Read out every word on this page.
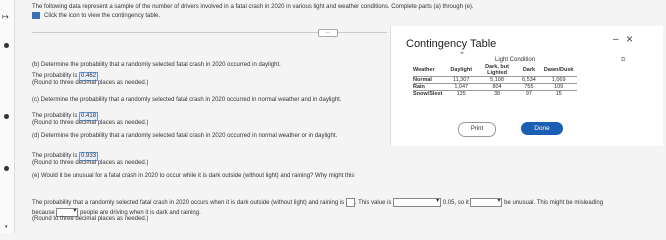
↦
▾
The following data represent a sample of the number of drivers involved in a fatal crash in 2020 in various light and weather conditions. Complete parts (a) through (e).
Click the icon to view the contingency table.
···
(b) Determine the probability that a randomly selected fatal crash in 2020 occurred in daylight.
The probability is 0.462
(Round to three decimal places as needed.)
(c) Determine the probability that a randomly selected fatal crash in 2020 occurred in normal weather and in daylight.
The probability is 0.418
(Round to three decimal places as needed.)
(d) Determine the probability that a randomly selected fatal crash in 2020 occurred in normal weather or in daylight.
The probability is 0.933
(Round to three decimal places as needed.)
(e) Would it be unusual for a fatal crash in 2020 to occur while it is dark outside (without light) and raining? Why might this
The probability that a randomly selected fatal crash in 2020 occurs when it is dark outside (without light) and raining is . This value is ▾	0.05, so it ▾	be unusual. This might be misleading
because ▾	people are driving when it is dark and raining.
(Round to three decimal places as needed.)
Contingency Table	– ×
⌖
⧉
Light Condition
Weather	Daylight	Dark, but Lighted	Dark	Dawn/Dusk
Normal	11,307	5,108	6,534	1,069
Rain	1,047	804	755	109
Snow/Sleet	135	38	97	15
Print	Done
